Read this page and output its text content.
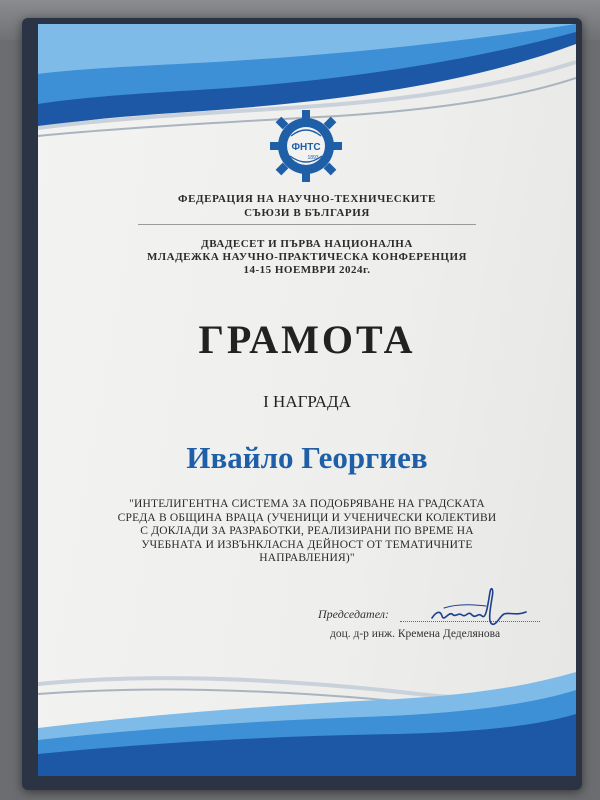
ФНТС
1893
ФЕДЕРАЦИЯ НА НАУЧНО-ТЕХНИЧЕСКИТЕ
СЪЮЗИ В БЪЛГАРИЯ
ДВАДЕСЕТ И ПЪРВА НАЦИОНАЛНА
МЛАДЕЖКА НАУЧНО-ПРАКТИЧЕСКА КОНФЕРЕНЦИЯ
14-15 НОЕМВРИ 2024г.
ГРАМОТА
I НАГРАДА
Ивайло Георгиев
"ИНТЕЛИГЕНТНА СИСТЕМА ЗА ПОДОБРЯВАНЕ НА ГРАДСКАТА
СРЕДА В ОБЩИНА ВРАЦА (УЧЕНИЦИ И УЧЕНИЧЕСКИ КОЛЕКТИВИ
С ДОКЛАДИ ЗА РАЗРАБОТКИ, РЕАЛИЗИРАНИ ПО ВРЕМЕ НА
УЧЕБНАТА И ИЗВЪНКЛАСНА ДЕЙНОСТ ОТ ТЕМАТИЧНИТЕ
НАПРАВЛЕНИЯ)"
Председател:
доц. д-р инж. Кремена Деделянова
